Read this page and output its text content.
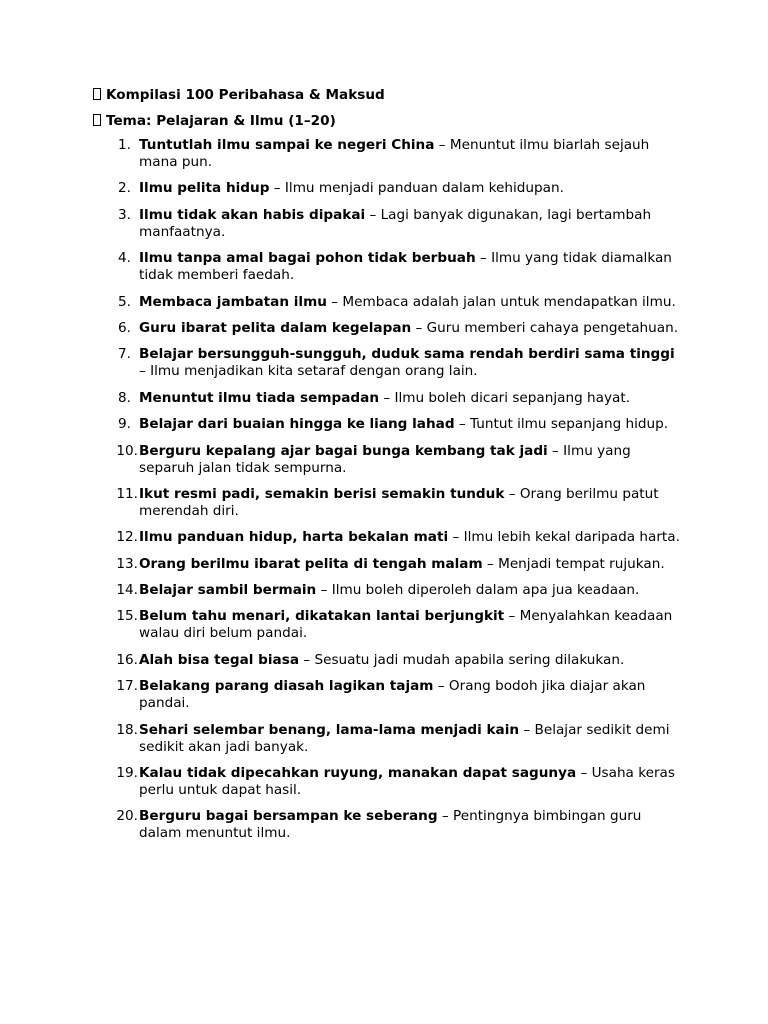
Kompilasi 100 Peribahasa & Maksud
Tema: Pelajaran & Ilmu (1–20)
1. Tuntutlah ilmu sampai ke negeri China – Menuntut ilmu biarlah sejauh mana pun.
2. Ilmu pelita hidup – Ilmu menjadi panduan dalam kehidupan.
3. Ilmu tidak akan habis dipakai – Lagi banyak digunakan, lagi bertambah manfaatnya.
4. Ilmu tanpa amal bagai pohon tidak berbuah – Ilmu yang tidak diamalkan tidak memberi faedah.
5. Membaca jambatan ilmu – Membaca adalah jalan untuk mendapatkan ilmu.
6. Guru ibarat pelita dalam kegelapan – Guru memberi cahaya pengetahuan.
7. Belajar bersungguh-sungguh, duduk sama rendah berdiri sama tinggi – Ilmu menjadikan kita setaraf dengan orang lain.
8. Menuntut ilmu tiada sempadan – Ilmu boleh dicari sepanjang hayat.
9. Belajar dari buaian hingga ke liang lahad – Tuntut ilmu sepanjang hidup.
10. Berguru kepalang ajar bagai bunga kembang tak jadi – Ilmu yang separuh jalan tidak sempurna.
11. Ikut resmi padi, semakin berisi semakin tunduk – Orang berilmu patut merendah diri.
12. Ilmu panduan hidup, harta bekalan mati – Ilmu lebih kekal daripada harta.
13. Orang berilmu ibarat pelita di tengah malam – Menjadi tempat rujukan.
14. Belajar sambil bermain – Ilmu boleh diperoleh dalam apa jua keadaan.
15. Belum tahu menari, dikatakan lantai berjungkit – Menyalahkan keadaan walau diri belum pandai.
16. Alah bisa tegal biasa – Sesuatu jadi mudah apabila sering dilakukan.
17. Belakang parang diasah lagikan tajam – Orang bodoh jika diajar akan pandai.
18. Sehari selembar benang, lama-lama menjadi kain – Belajar sedikit demi sedikit akan jadi banyak.
19. Kalau tidak dipecahkan ruyung, manakan dapat sagunya – Usaha keras perlu untuk dapat hasil.
20. Berguru bagai bersampan ke seberang – Pentingnya bimbingan guru dalam menuntut ilmu.
